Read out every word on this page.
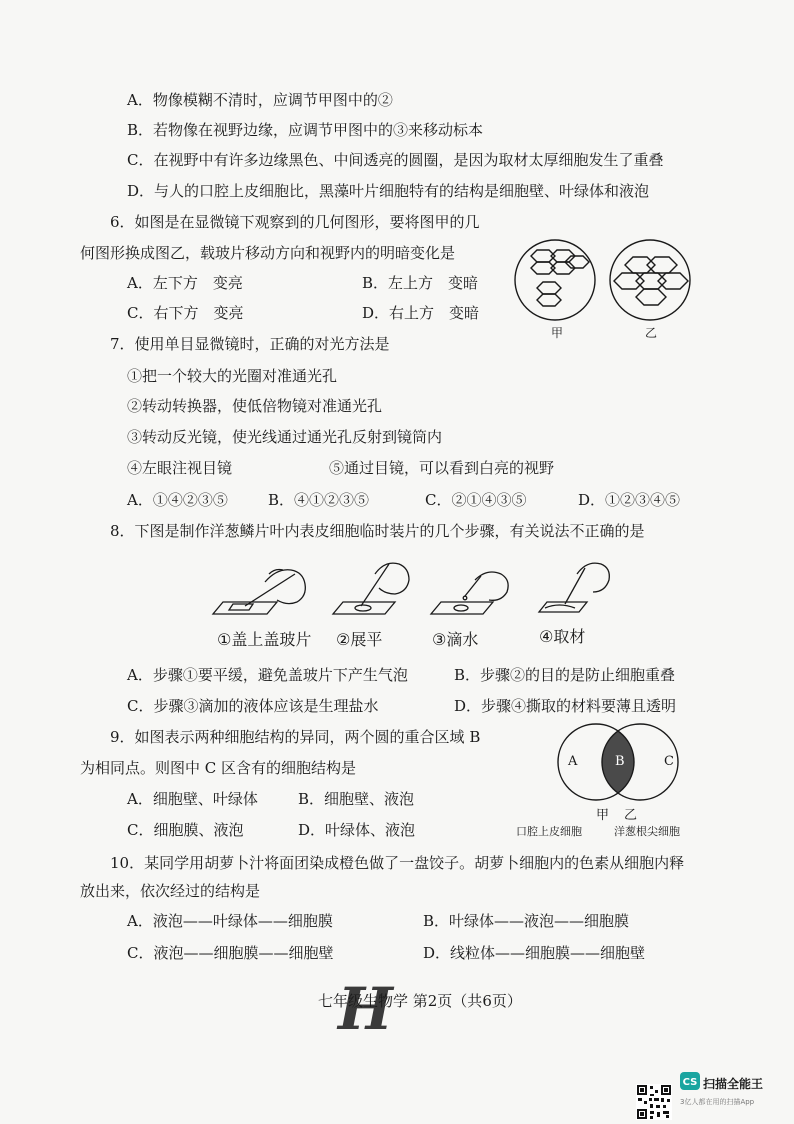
A．物像模糊不清时，应调节甲图中的②
B．若物像在视野边缘，应调节甲图中的③来移动标本
C．在视野中有许多边缘黑色、中间透亮的圆圈，是因为取材太厚细胞发生了重叠
D．与人的口腔上皮细胞比，黑藻叶片细胞特有的结构是细胞壁、叶绿体和液泡
6．如图是在显微镜下观察到的几何图形，要将图甲的几
何图形换成图乙，载玻片移动方向和视野内的明暗变化是
A．左下方　变亮	B．左上方　变暗
C．右下方　变亮	D．右上方　变暗
甲	乙
7．使用单目显微镜时，正确的对光方法是
①把一个较大的光圈对准通光孔
②转动转换器，使低倍物镜对准通光孔
③转动反光镜，使光线通过通光孔反射到镜筒内
④左眼注视目镜	⑤通过目镜，可以看到白亮的视野
A．①④②③⑤	B．④①②③⑤	C．②①④③⑤	D．①②③④⑤
8．下图是制作洋葱鳞片叶内表皮细胞临时装片的几个步骤，有关说法不正确的是
①盖上盖玻片 ②展平	③滴水	④取材
A．步骤①要平缓，避免盖玻片下产生气泡	B．步骤②的目的是防止细胞重叠
C．步骤③滴加的液体应该是生理盐水	D．步骤④撕取的材料要薄且透明
9．如图表示两种细胞结构的异同，两个圆的重合区域 B
为相同点。则图中 C 区含有的细胞结构是
A．细胞壁、叶绿体	B．细胞壁、液泡
C．细胞膜、液泡	D．叶绿体、液泡
A	B	C
甲 乙
口腔上皮细胞	洋葱根尖细胞
10．某同学用胡萝卜汁将面团染成橙色做了一盘饺子。胡萝卜细胞内的色素从细胞内释
放出来，依次经过的结构是
A．液泡——叶绿体——细胞膜	B．叶绿体——液泡——细胞膜
C．液泡——细胞膜——细胞壁	D．线粒体——细胞膜——细胞壁
H
七年级生物学 第2页（共6页）
CS 扫描全能王
3亿人都在用的扫描App
